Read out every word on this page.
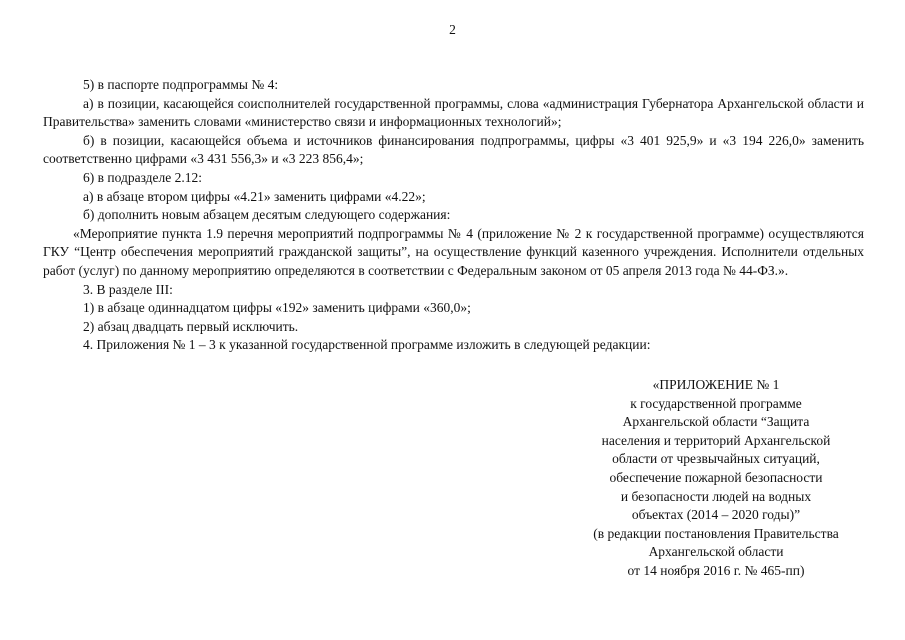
2

5) в паспорте подпрограммы № 4:

а) в позиции, касающейся соисполнителей государственной программы, слова «администрация Губернатора Архангельской области и Правительства» заменить словами «министерство связи и информационных технологий»;

б) в позиции, касающейся объема и источников финансирования подпрограммы, цифры «3 401 925,9» и «3 194 226,0» заменить соответственно цифрами «3 431 556,3» и «3 223 856,4»;

6) в подразделе 2.12:

а) в абзаце втором цифры «4.21» заменить цифрами «4.22»;

б) дополнить новым абзацем десятым следующего содержания:

«Мероприятие пункта 1.9 перечня мероприятий подпрограммы № 4 (приложение № 2 к государственной программе) осуществляются ГКУ “Центр обеспечения мероприятий гражданской защиты”, на осуществление функций казенного учреждения. Исполнители отдельных работ (услуг) по данному мероприятию определяются в соответствии с Федеральным законом от 05 апреля 2013 года № 44-ФЗ.».

3. В разделе III:

1) в абзаце одиннадцатом цифры «192» заменить цифрами «360,0»;

2) абзац двадцать первый исключить.

4. Приложения № 1 – 3 к указанной государственной программе изложить в следующей редакции:

«ПРИЛОЖЕНИЕ № 1
к государственной программе
Архангельской области “Защита
населения и территорий Архангельской
области от чрезвычайных ситуаций,
обеспечение пожарной безопасности
и безопасности людей на водных
объектах (2014 – 2020 годы)”
(в редакции постановления Правительства
Архангельской области
от 14 ноября 2016 г. № 465-пп)
